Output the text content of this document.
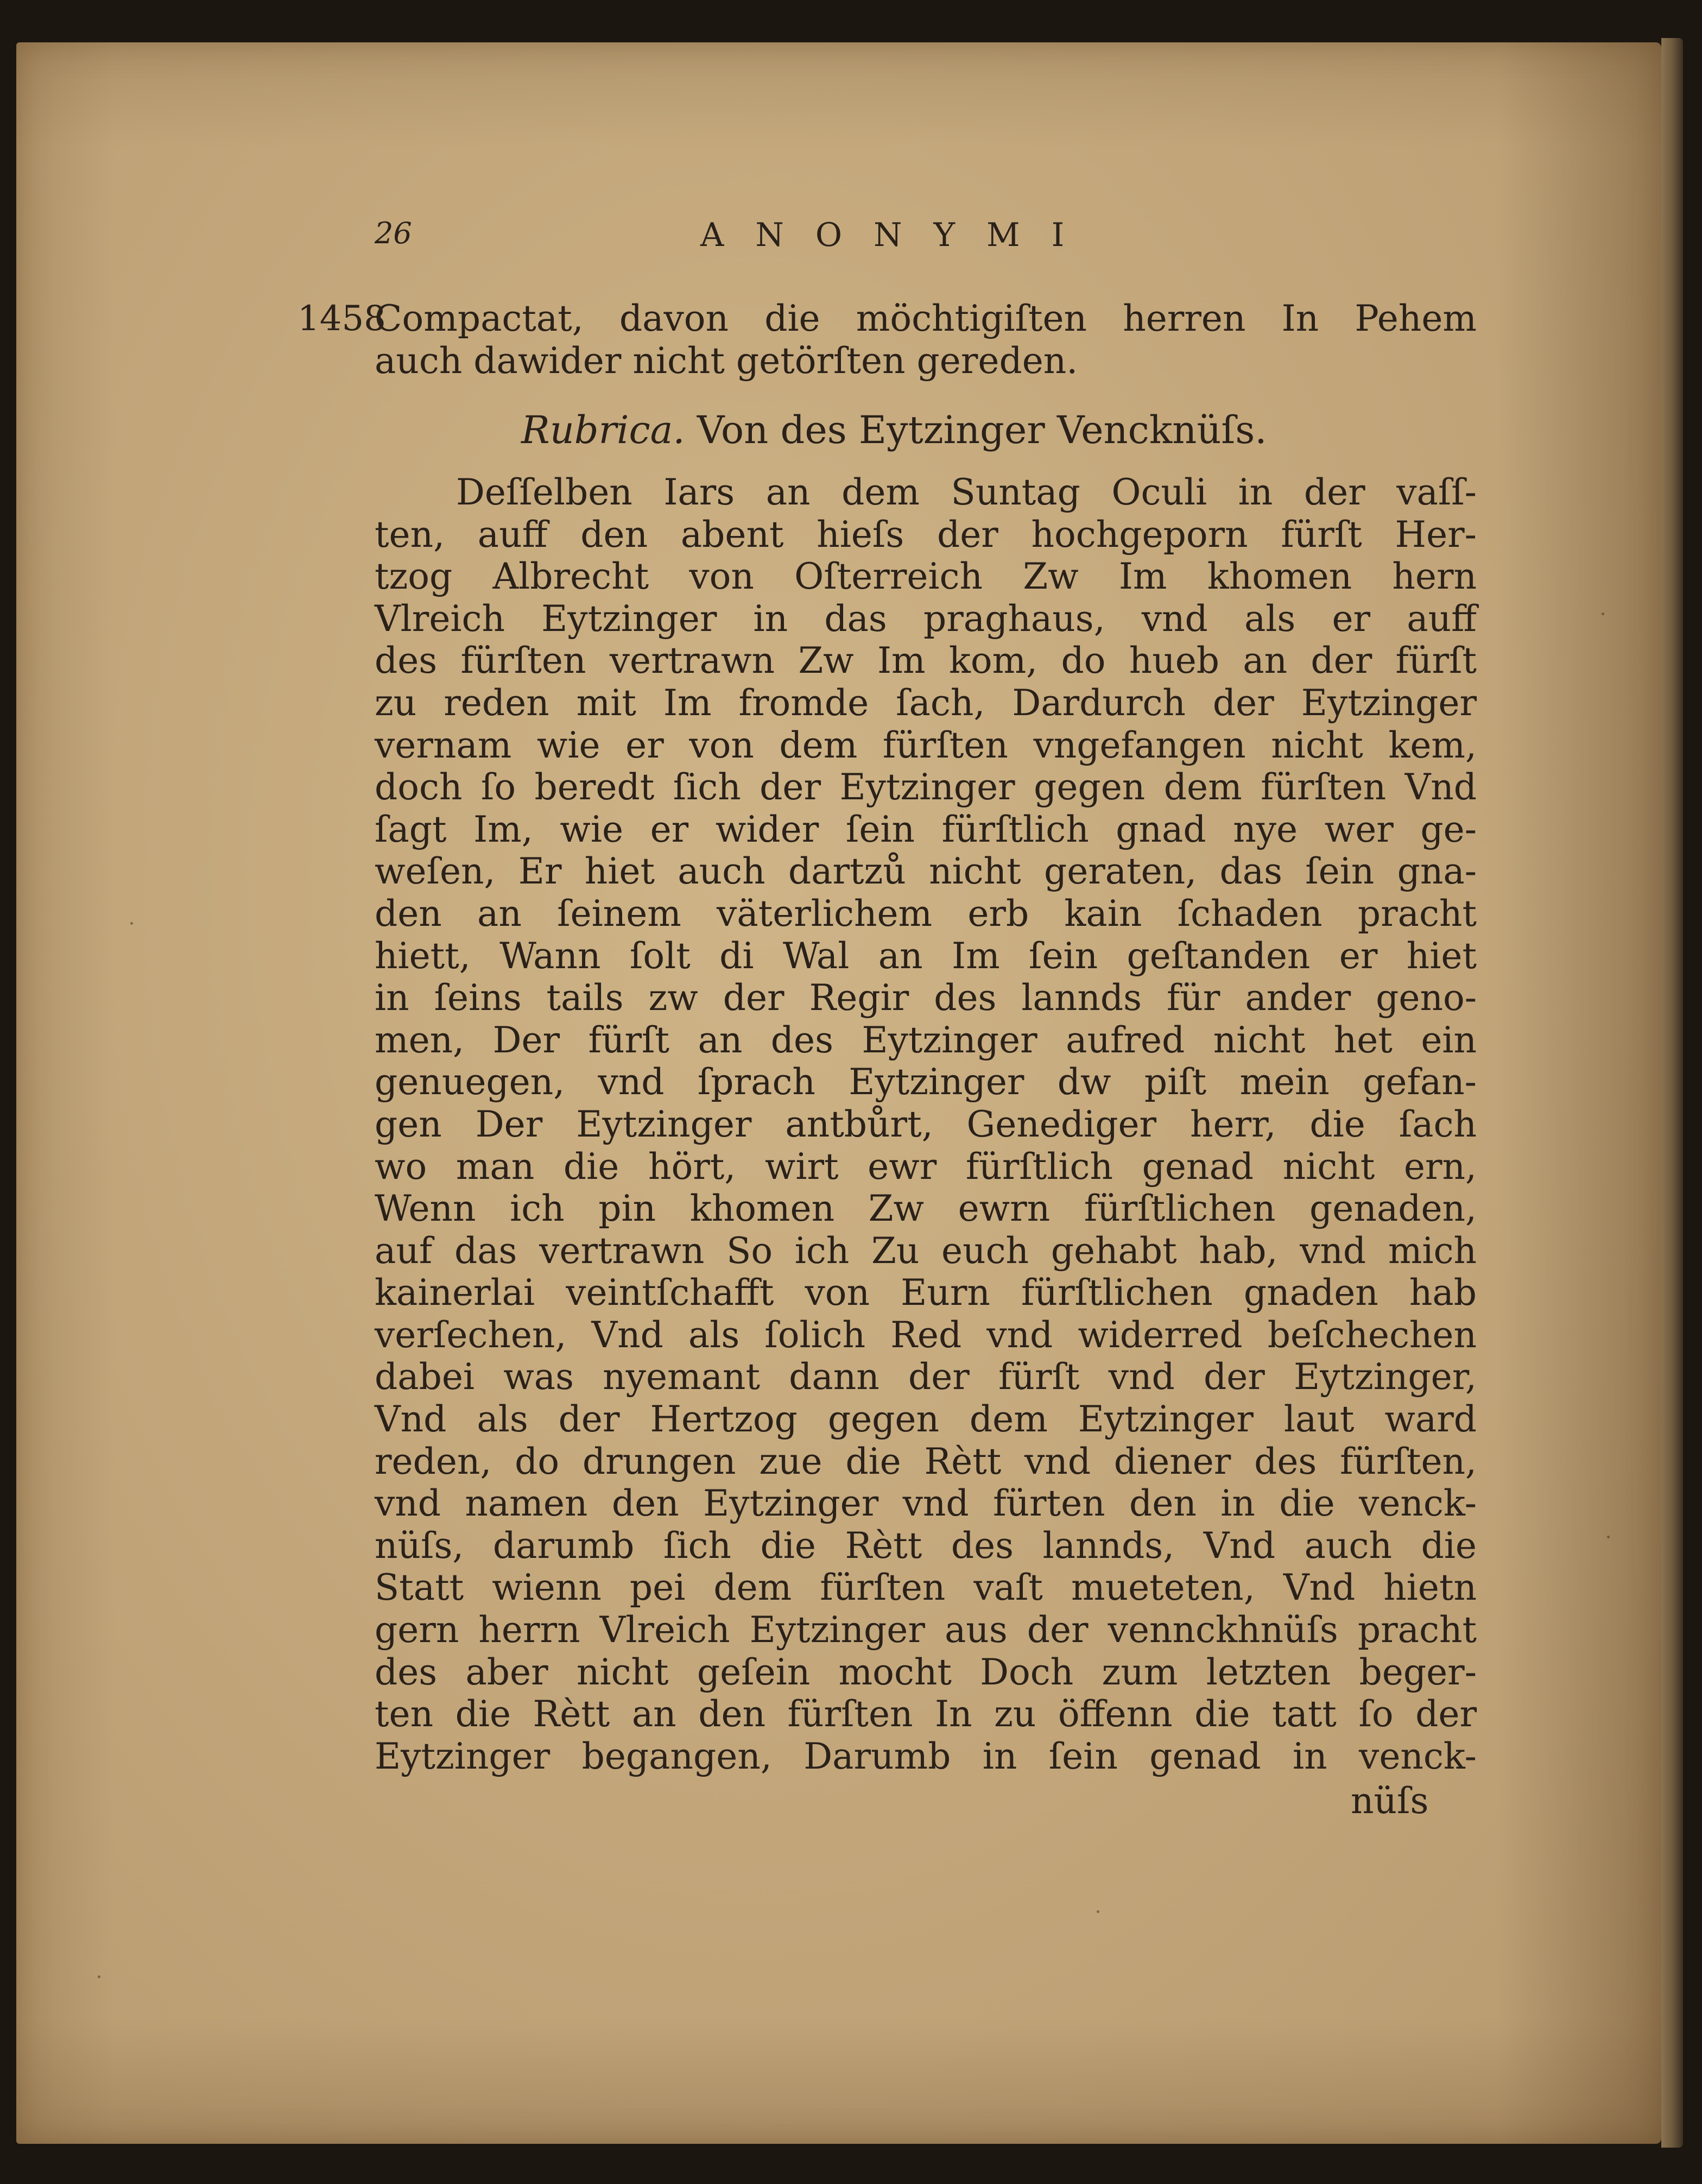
26	ANONYMI
1458
Compactat, davon die möchtigiſten herren In Pehem
auch dawider nicht getörſten gereden.
Rubrica. Von des Eytzinger Vencknüſs.
Deſſelben Iars an dem Suntag Oculi in der vaſſ-
ten, auff den abent hieſs der hochgeporn fürſt Her-
tzog Albrecht von Oſterreich Zw Im khomen hern
Vlreich Eytzinger in das praghaus, vnd als er auff
des fürſten vertrawn Zw Im kom, do hueb an der fürſt
zu reden mit Im fromde ſach, Dardurch der Eytzinger
vernam wie er von dem fürſten vngefangen nicht kem,
doch ſo beredt ſich der Eytzinger gegen dem fürſten Vnd
ſagt Im, wie er wider ſein fürſtlich gnad nye wer ge-
weſen, Er hiet auch dartzů nicht geraten, das ſein gna-
den an ſeinem väterlichem erb kain ſchaden pracht
hiett, Wann ſolt di Wal an Im ſein geſtanden er hiet
in ſeins tails zw der Regir des lannds für ander geno-
men, Der fürſt an des Eytzinger aufred nicht het ein
genuegen, vnd ſprach Eytzinger dw piſt mein gefan-
gen Der Eytzinger antbůrt, Genediger herr, die ſach
wo man die hört, wirt ewr fürſtlich genad nicht ern,
Wenn ich pin khomen Zw ewrn fürſtlichen genaden,
auf das vertrawn So ich Zu euch gehabt hab, vnd mich
kainerlai veintſchafft von Eurn fürſtlichen gnaden hab
verſechen, Vnd als ſolich Red vnd widerred beſchechen
dabei was nyemant dann der fürſt vnd der Eytzinger,
Vnd als der Hertzog gegen dem Eytzinger laut ward
reden, do drungen zue die Rètt vnd diener des fürſten,
vnd namen den Eytzinger vnd fürten den in die venck-
nüſs, darumb ſich die Rètt des lannds, Vnd auch die
Statt wienn pei dem fürſten vaſt mueteten, Vnd hietn
gern herrn Vlreich Eytzinger aus der vennckhnüſs pracht
des aber nicht geſein mocht Doch zum letzten beger-
ten die Rètt an den fürſten In zu öffenn die tatt ſo der
Eytzinger begangen, Darumb in ſein genad in venck-
nüſs
